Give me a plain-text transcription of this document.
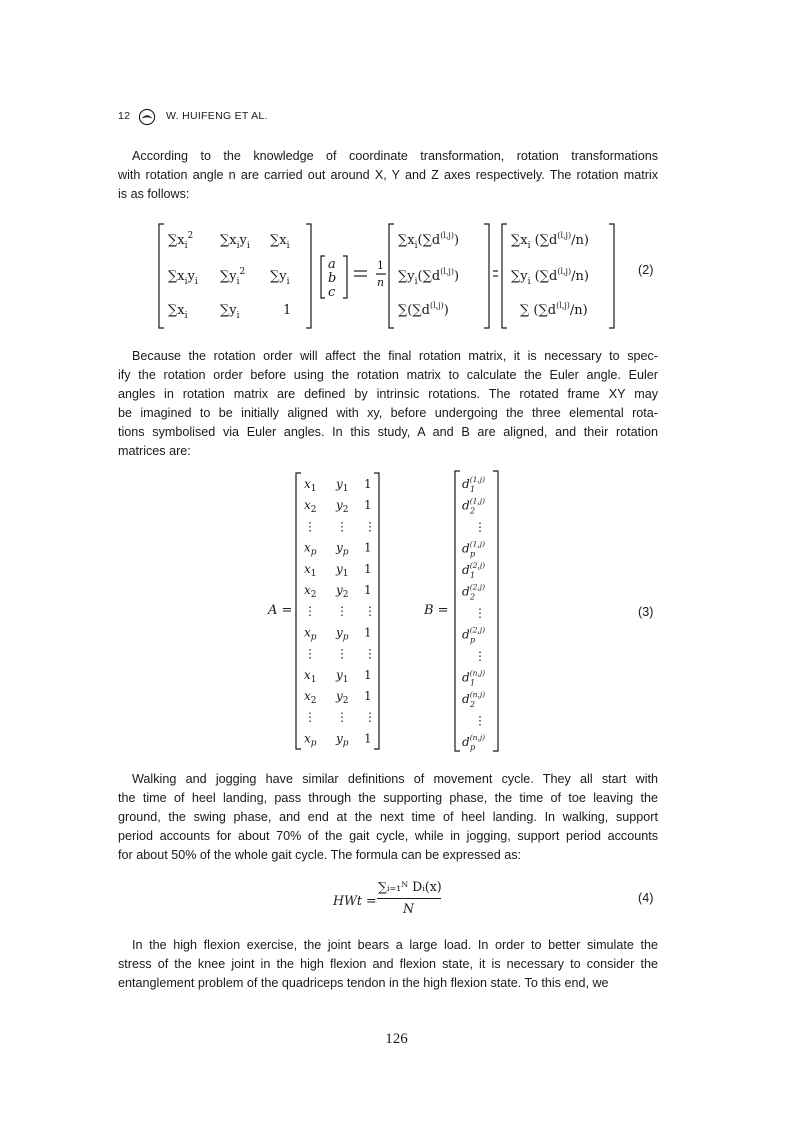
12	W. HUIFENG ET AL.
According to the knowledge of coordinate transformation, rotation transformations
with rotation angle n are carried out around X, Y and Z axes respectively. The rotation matrix
is as follows:
$\sum x_i^2$ $\sum x_iy_i$ $\sum x_i$
$\sum x_iy_i$ $\sum y_i^2$ $\sum y_i$
$\sum x_i$ $\sum y_i$	1
a
b
c
1
n
$\sum x_i(\sum d^{(l,j)})$
$\sum y_i(\sum d^{(l,j)})$
$\sum(\sum d^{(l,j)})$
$\sum x_i$ $(\sum d^{(l,j)}/n)$
$\sum y_i$ $(\sum d^{(l,j)}/n)$
∑ $(\sum d^{(l,j)}/n)$
(2)
Because the rotation order will affect the final rotation matrix, it is necessary to spec-
ify the rotation order before using the rotation matrix to calculate the Euler angle. Euler
angles in rotation matrix are defined by intrinsic rotations. The rotated frame XY may
be imagined to be initially aligned with xy, before undergoing the three elemental rota-
tions symbolised via Euler angles. In this study, A and B are aligned, and their rotation
matrices are:
A =
$x_1$ $y_1$ 1
$x_2$ $y_2$ 1
⋮ ⋮ ⋮
$x_p$ $y_p$ 1
$x_1$ $y_1$ 1
$x_2$ $y_2$ 1
⋮ ⋮ ⋮
$x_p$ $y_p$ 1
⋮ ⋮ ⋮
$x_1$ $y_1$ 1
$x_2$ $y_2$ 1
⋮ ⋮ ⋮
$x_p$ $y_p$ 1
B =
$d^{(1,j)}$ 1
$d^{(1,j)}$ 2
⋮
$d^{(1,j)}$ p
$d^{(2,j)}$ 1
$d^{(2,j)}$ 2
⋮
$d^{(2,j)}$ p
⋮
$d^{(n,j)}$ 1
$d^{(n,j)}$ 2
⋮
$d^{(n,j)}$ p
(3)
Walking and jogging have similar definitions of movement cycle. They all start with
the time of heel landing, pass through the supporting phase, the time of toe leaving the
ground, the swing phase, and end at the next time of heel landing. In walking, support
period accounts for about 70% of the gait cycle, while in jogging, support period accounts
for about 50% of the whole gait cycle. The formula can be expressed as:
HWt =
∑ᵢ₌₁ᴺ Dᵢ(x)
N
(4)
In the high flexion exercise, the joint bears a large load. In order to better simulate the
stress of the knee joint in the high flexion and flexion state, it is necessary to consider the
entanglement problem of the quadriceps tendon in the high flexion state. To this end, we
126
